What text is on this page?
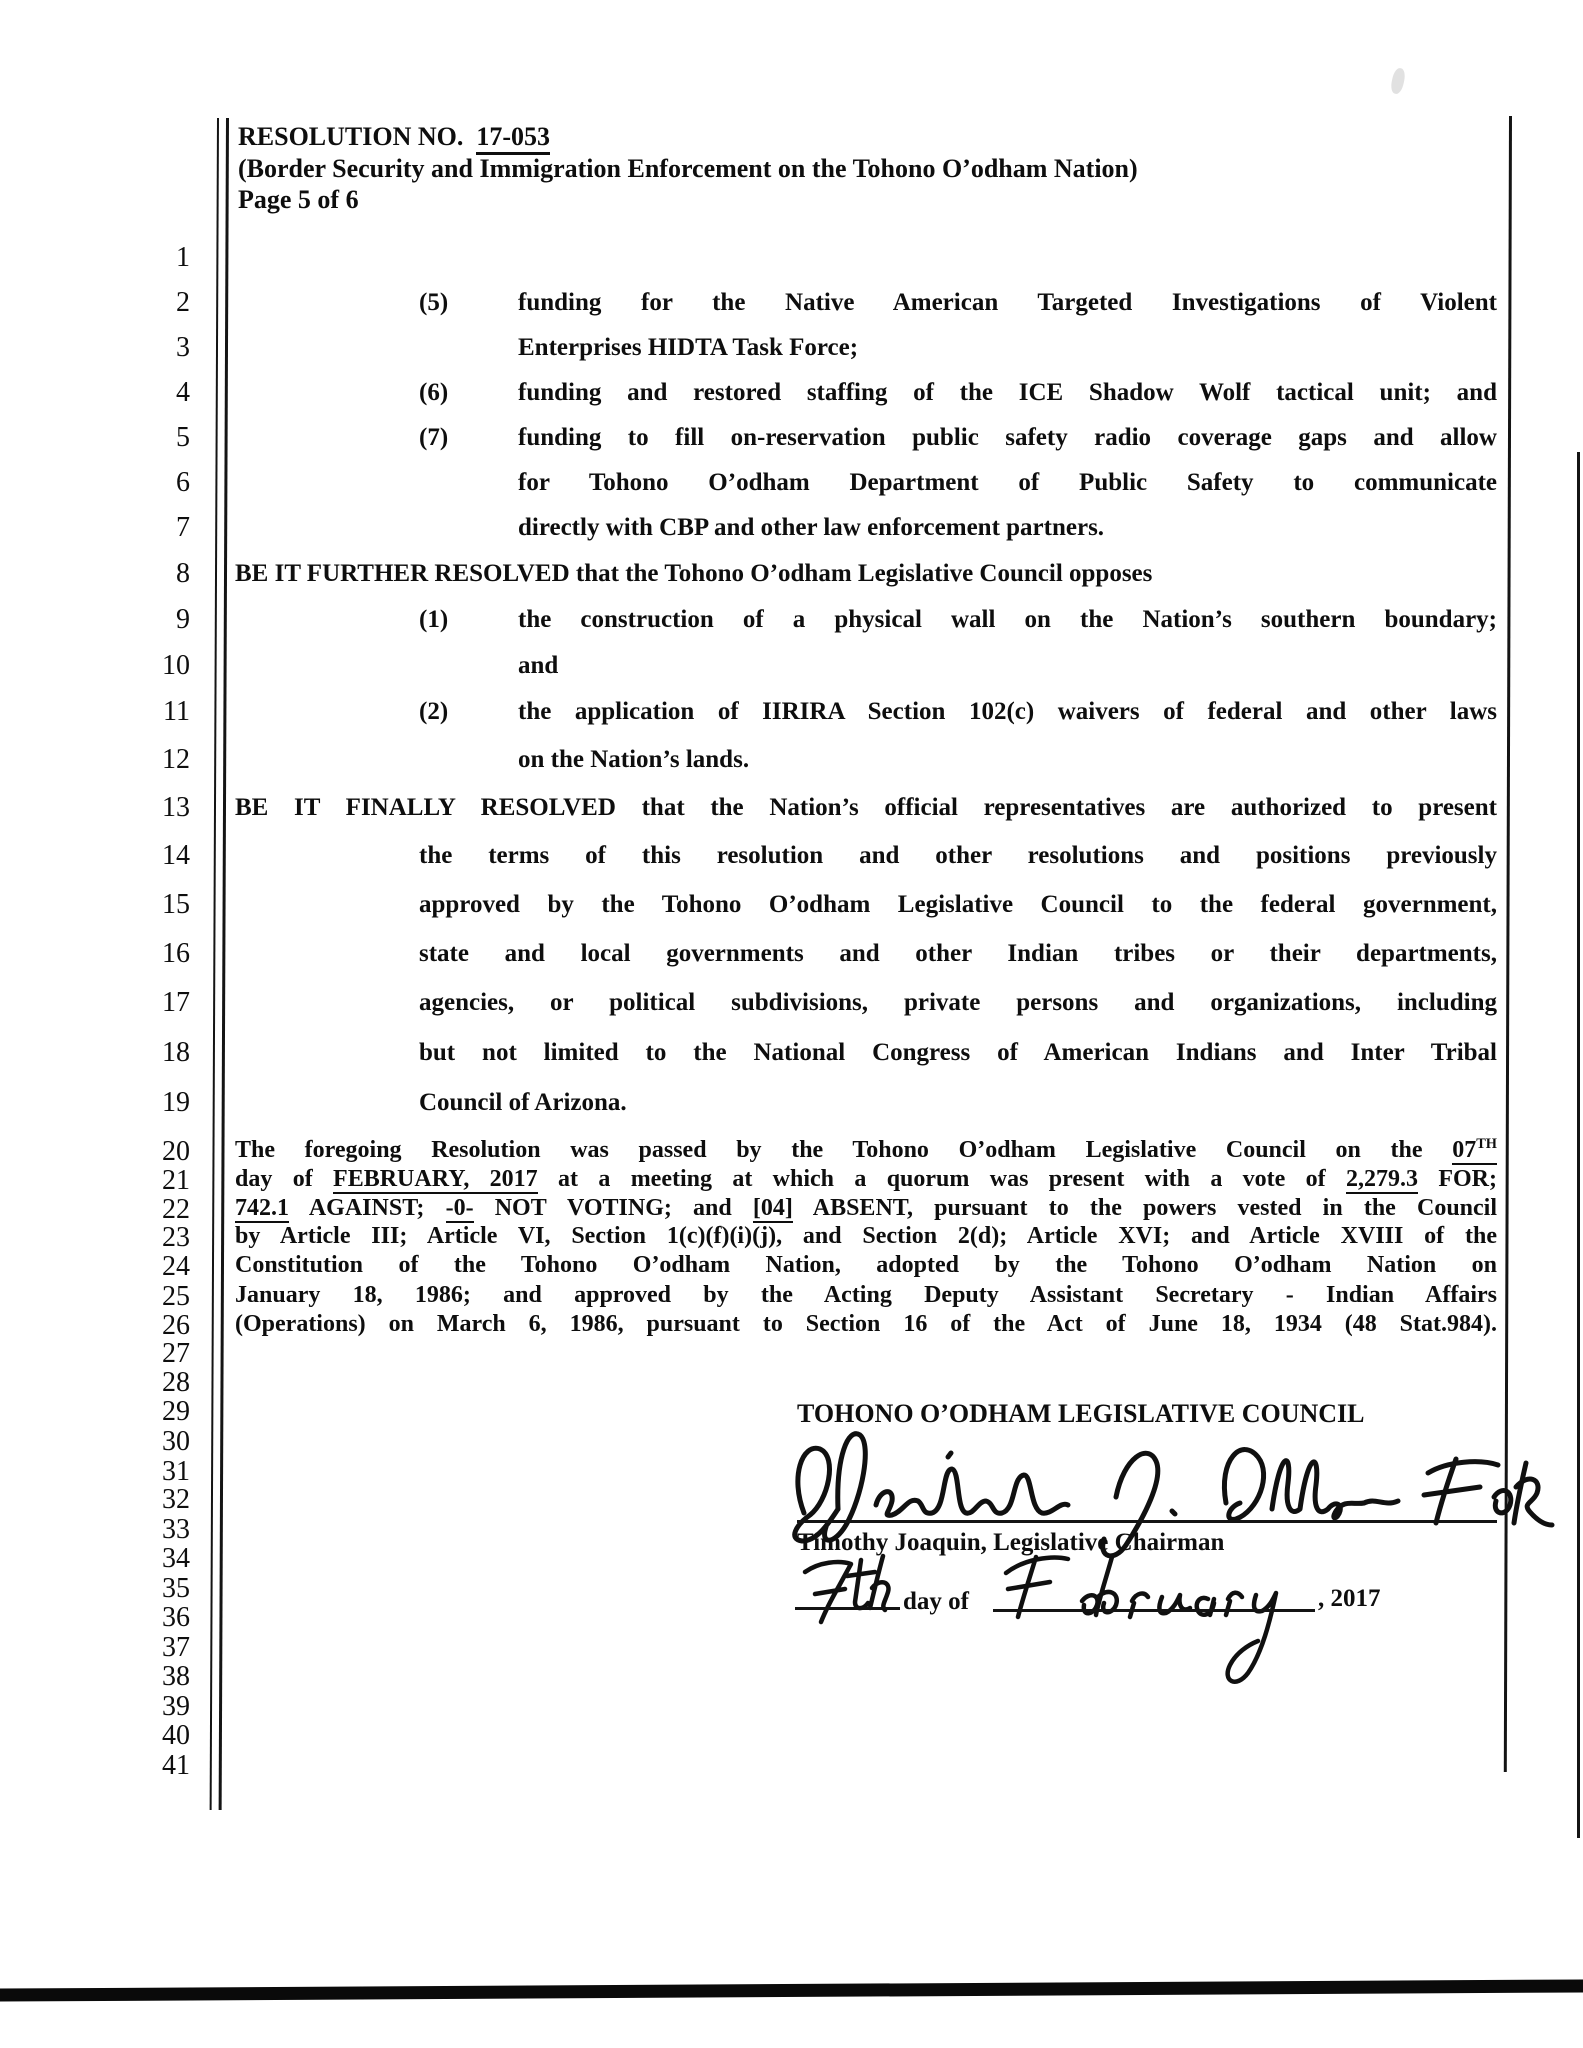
RESOLUTION NO. 17-053
(Border Security and Immigration Enforcement on the Tohono O’odham Nation)
Page 5 of 6
1
2
3
4
5
6
7
8
9
10
11
12
13
14
15
16
17
18
19
20
21
22
23
24
25
26
27
28
29
30
31
32
33
34
35
36
37
38
39
40
41
(5)	funding for the Native American Targeted Investigations of Violent
Enterprises HIDTA Task Force;
(6)	funding and restored staffing of the ICE Shadow Wolf tactical unit; and
(7)	funding to fill on-reservation public safety radio coverage gaps and allow
for Tohono O’odham Department of Public Safety to communicate
directly with CBP and other law enforcement partners.
BE IT FURTHER RESOLVED that the Tohono O’odham Legislative Council opposes
(1)	the construction of a physical wall on the Nation’s southern boundary;
and
(2)	the application of IIRIRA Section 102(c) waivers of federal and other laws
on the Nation’s lands.
BE IT FINALLY RESOLVED that the Nation’s official representatives are authorized to present
the terms of this resolution and other resolutions and positions previously
approved by the Tohono O’odham Legislative Council to the federal government,
state and local governments and other Indian tribes or their departments,
agencies, or political subdivisions, private persons and organizations, including
but not limited to the National Congress of American Indians and Inter Tribal
Council of Arizona.
The foregoing Resolution was passed by the Tohono O’odham Legislative Council on the 07TH
day of FEBRUARY, 2017 at a meeting at which a quorum was present with a vote of 2,279.3 FOR;
742.1 AGAINST; -0- NOT VOTING; and [04] ABSENT, pursuant to the powers vested in the Council
by Article III; Article VI, Section 1(c)(f)(i)(j), and Section 2(d); Article XVI; and Article XVIII of the
Constitution of the Tohono O’odham Nation, adopted by the Tohono O’odham Nation on
January 18, 1986; and approved by the Acting Deputy Assistant Secretary - Indian Affairs
(Operations) on March 6, 1986, pursuant to Section 16 of the Act of June 18, 1934 (48 Stat.984).
TOHONO O’ODHAM LEGISLATIVE COUNCIL
Timothy Joaquin, Legislative Chairman
day of	, 2017
